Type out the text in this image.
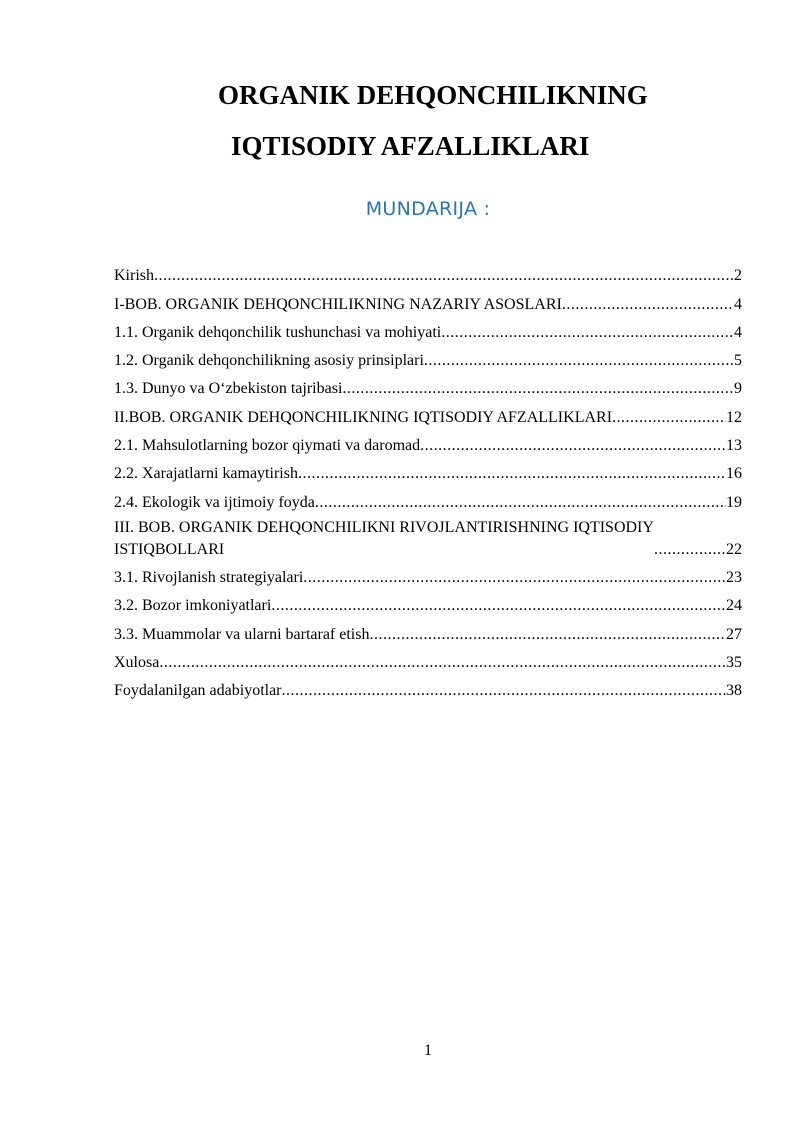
ORGANIK DEHQONCHILIKNING
IQTISODIY AFZALLIKLARI
MUNDARIJA :
Kirish .....	2
I-BOB. ORGANIK DEHQONCHILIKNING NAZARIY ASOSLARI .....	4
1.1. Organik dehqonchilik tushunchasi va mohiyati .....	4
1.2. Organik dehqonchilikning asosiy prinsiplari .....	5
1.3. Dunyo va O‘zbekiston tajribasi .....	9
II.BOB. ORGANIK DEHQONCHILIKNING IQTISODIY AFZALLIKLARI .....	12
2.1. Mahsulotlarning bozor qiymati va daromad .....	13
2.2. Xarajatlarni kamaytirish .....	16
2.4. Ekologik va ijtimoiy foyda .....	19
III. BOB. ORGANIK DEHQONCHILIKNI RIVOJLANTIRISHNING IQTISODIY ISTIQBOLLARI .....	22
3.1. Rivojlanish strategiyalari .....	23
3.2. Bozor imkoniyatlari .....	24
3.3. Muammolar va ularni bartaraf etish .....	27
Xulosa .....	35
Foydalanilgan adabiyotlar .....	38
1
